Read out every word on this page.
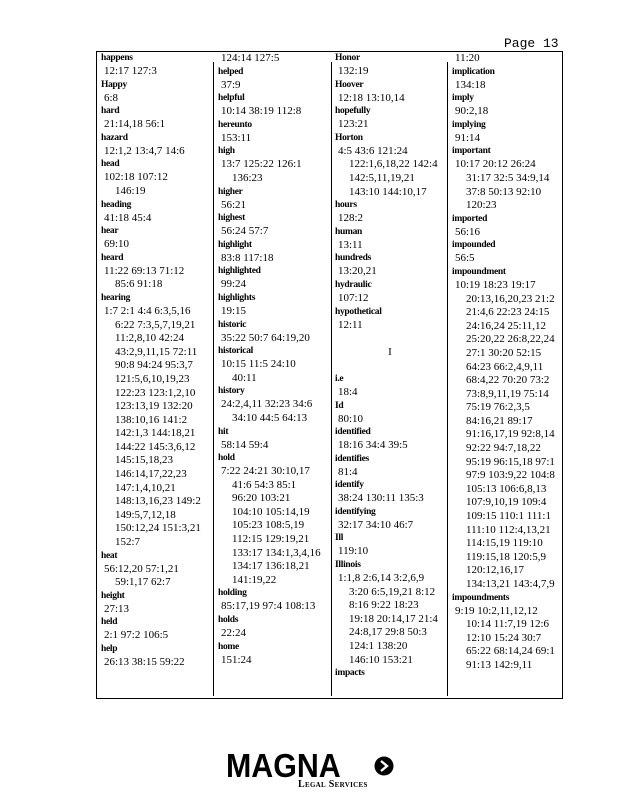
Page 13
happens
12:17 127:3
Happy
6:8
hard
21:14,18 56:1
hazard
12:1,2 13:4,7 14:6
head
102:18 107:12
146:19
heading
41:18 45:4
hear
69:10
heard
11:22 69:13 71:12
85:6 91:18
hearing
1:7 2:1 4:4 6:3,5,16
6:22 7:3,5,7,19,21
11:2,8,10 42:24
43:2,9,11,15 72:11
90:8 94:24 95:3,7
121:5,6,10,19,23
122:23 123:1,2,10
123:13,19 132:20
138:10,16 141:2
142:1,3 144:18,21
144:22 145:3,6,12
145:15,18,23
146:14,17,22,23
147:1,4,10,21
148:13,16,23 149:2
149:5,7,12,18
150:12,24 151:3,21
152:7
heat
56:12,20 57:1,21
59:1,17 62:7
height
27:13
held
2:1 97:2 106:5
help
26:13 38:15 59:22
124:14 127:5
helped
37:9
helpful
10:14 38:19 112:8
hereunto
153:11
high
13:7 125:22 126:1
136:23
higher
56:21
highest
56:24 57:7
highlight
83:8 117:18
highlighted
99:24
highlights
19:15
historic
35:22 50:7 64:19,20
historical
10:15 11:5 24:10
40:11
history
24:2,4,11 32:23 34:6
34:10 44:5 64:13
hit
58:14 59:4
hold
7:22 24:21 30:10,17
41:6 54:3 85:1
96:20 103:21
104:10 105:14,19
105:23 108:5,19
112:15 129:19,21
133:17 134:1,3,4,16
134:17 136:18,21
141:19,22
holding
85:17,19 97:4 108:13
holds
22:24
home
151:24
Honor
132:19
Hoover
12:18 13:10,14
hopefully
123:21
Horton
4:5 43:6 121:24
122:1,6,18,22 142:4
142:5,11,19,21
143:10 144:10,17
hours
128:2
human
13:11
hundreds
13:20,21
hydraulic
107:12
hypothetical
12:11
I
i.e
18:4
Id
80:10
identified
18:16 34:4 39:5
identifies
81:4
identify
38:24 130:11 135:3
identifying
32:17 34:10 46:7
Ill
119:10
Illinois
1:1,8 2:6,14 3:2,6,9
3:20 6:5,19,21 8:12
8:16 9:22 18:23
19:18 20:14,17 21:4
24:8,17 29:8 50:3
124:1 138:20
146:10 153:21
impacts
11:20
implication
134:18
imply
90:2,18
implying
91:14
important
10:17 20:12 26:24
31:17 32:5 34:9,14
37:8 50:13 92:10
120:23
imported
56:16
impounded
56:5
impoundment
10:19 18:23 19:17
20:13,16,20,23 21:2
21:4,6 22:23 24:15
24:16,24 25:11,12
25:20,22 26:8,22,24
27:1 30:20 52:15
64:23 66:2,4,9,11
68:4,22 70:20 73:2
73:8,9,11,19 75:14
75:19 76:2,3,5
84:16,21 89:17
91:16,17,19 92:8,14
92:22 94:7,18,22
95:19 96:15,18 97:1
97:9 103:9,22 104:8
105:13 106:6,8,13
107:9,10,19 109:4
109:15 110:1 111:1
111:10 112:4,13,21
114:15,19 119:10
119:15,18 120:5,9
120:12,16,17
134:13,21 143:4,7,9
impoundments
9:19 10:2,11,12,12
10:14 11:7,19 12:6
12:10 15:24 30:7
65:22 68:14,24 69:1
91:13 142:9,11
MAGNA
Legal Services
